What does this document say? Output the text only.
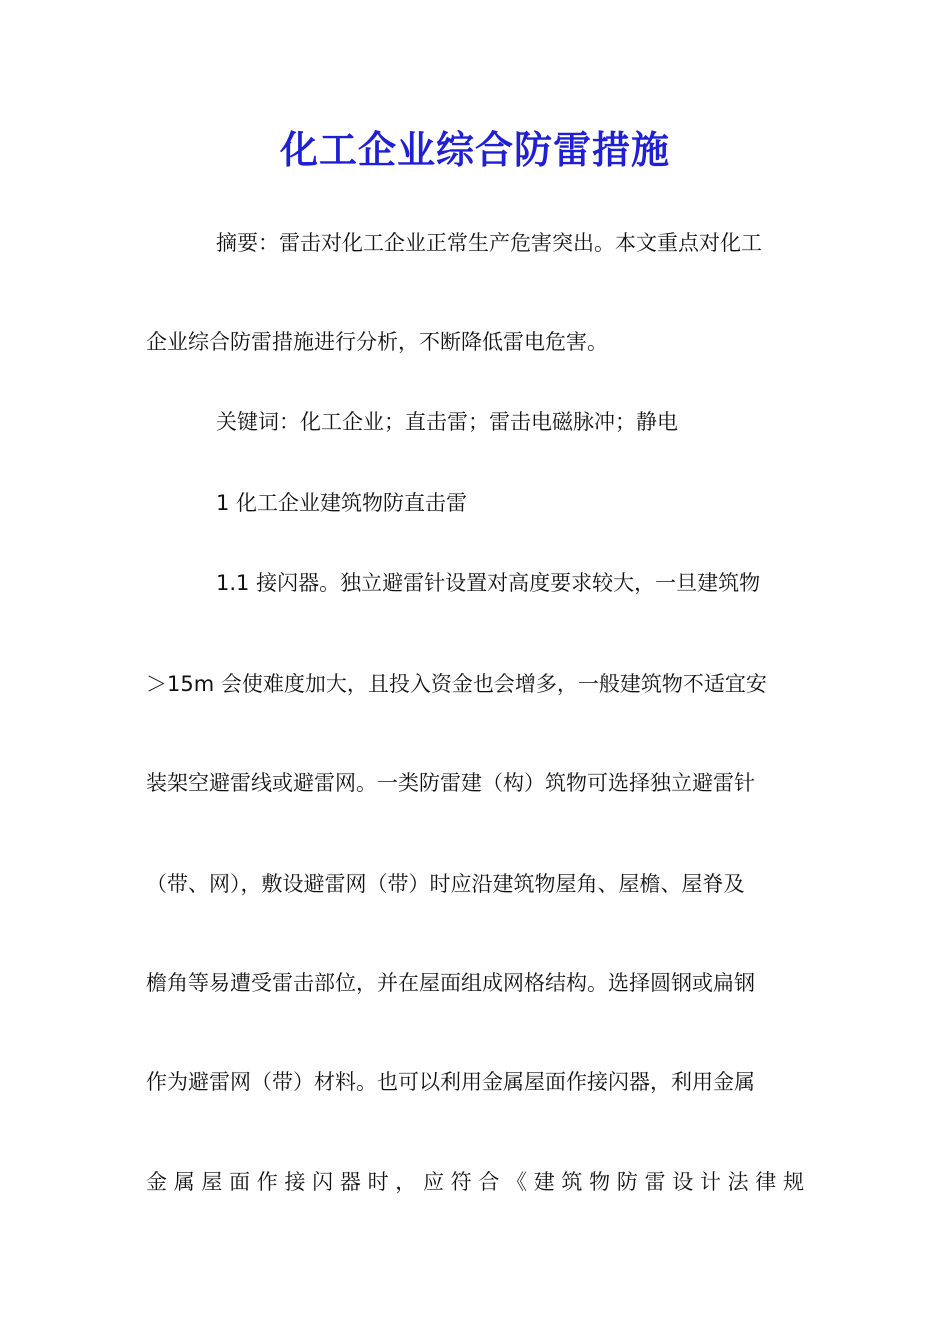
化工企业综合防雷措施
摘要：雷击对化工企业正常生产危害突出。本文重点对化工
企业综合防雷措施进行分析，不断降低雷电危害。
关键词：化工企业；直击雷；雷击电磁脉冲；静电
1 化工企业建筑物防直击雷
1.1 接闪器。独立避雷针设置对高度要求较大，一旦建筑物
＞15m 会使难度加大，且投入资金也会增多，一般建筑物不适宜安
装架空避雷线或避雷网。一类防雷建（构）筑物可选择独立避雷针
（带、网），敷设避雷网（带）时应沿建筑物屋角、屋檐、屋脊及
檐角等易遭受雷击部位，并在屋面组成网格结构。选择圆钢或扁钢
作为避雷网（带）材料。也可以利用金属屋面作接闪器，利用金属
金属屋面作接闪器时，应符合《建筑物防雷设计法律规
